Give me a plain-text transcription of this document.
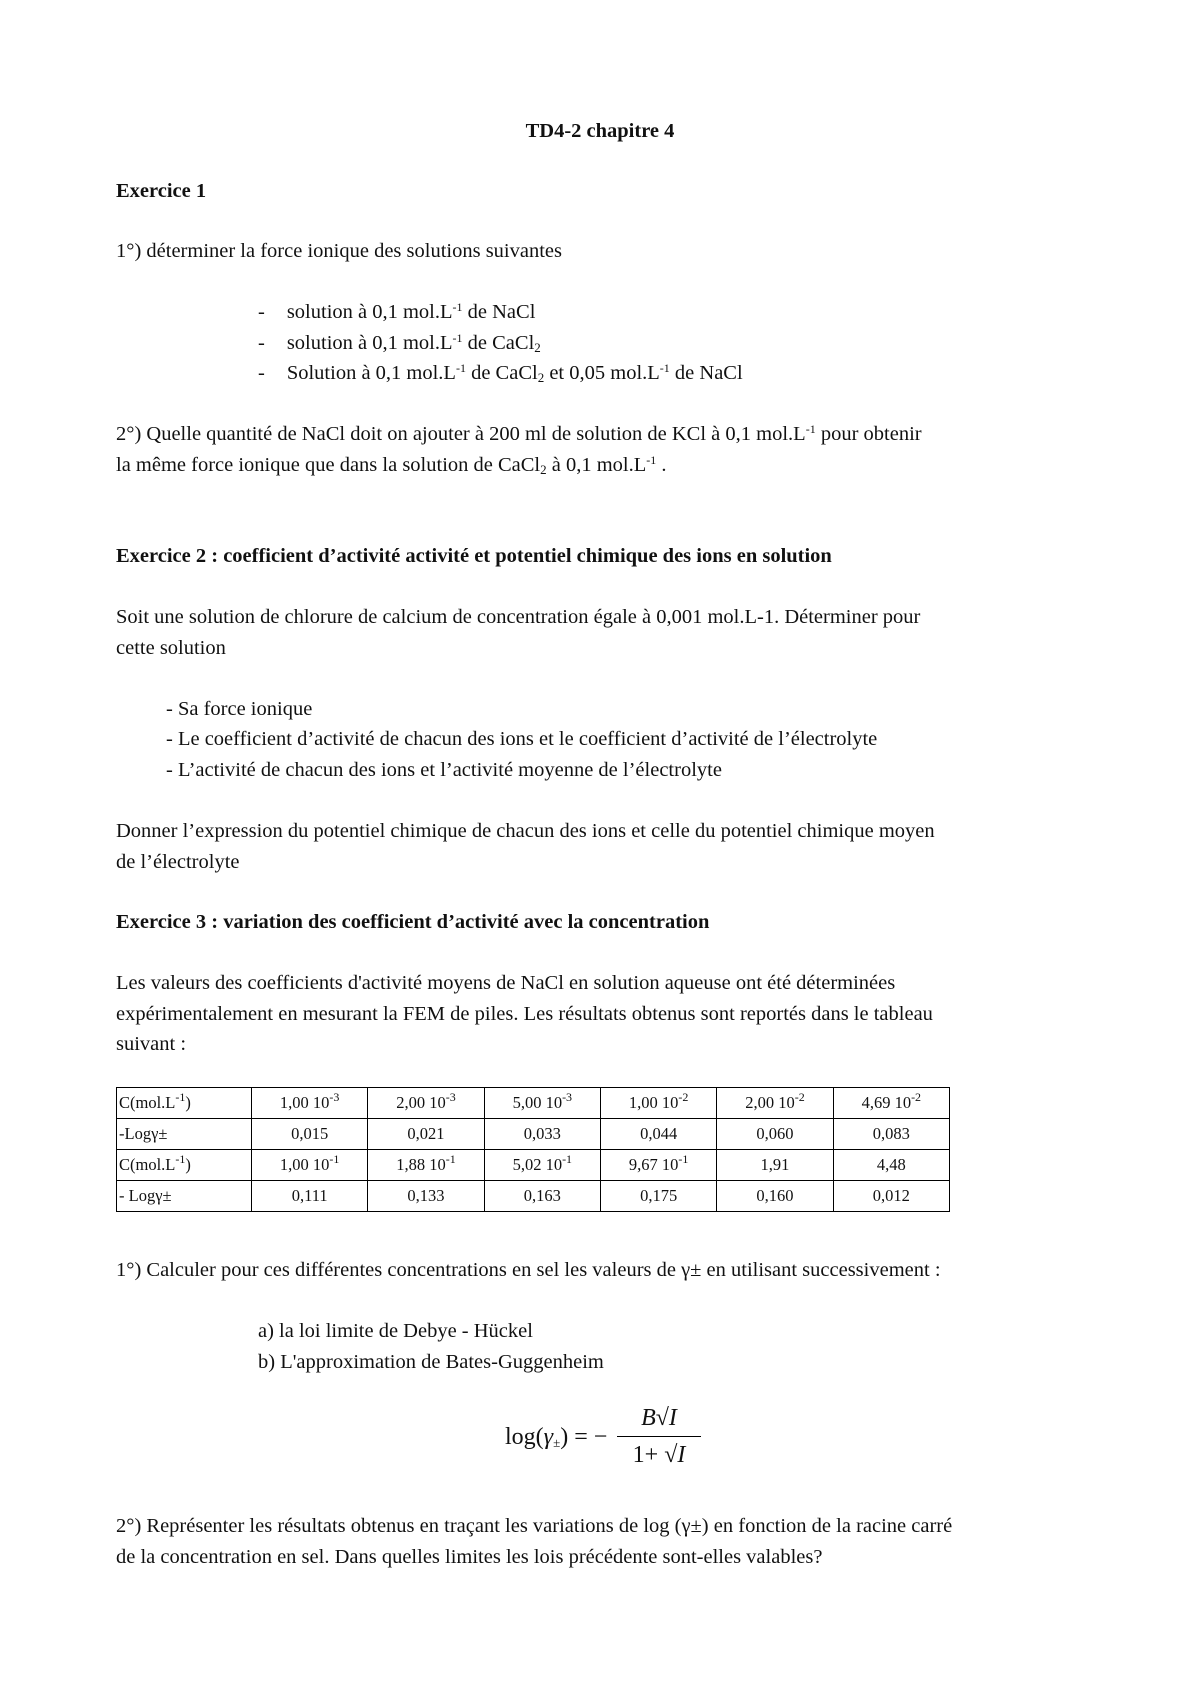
TD4-2 chapitre 4
Exercice 1
1°) déterminer la force ionique des solutions suivantes
- solution à 0,1 $mol.L^{-1}$ de NaCl
- solution à 0,1 $mol.L^{-1}$ de CaCl$_2$
- Solution à 0,1 $mol.L^{-1}$ de CaCl$_2$ et 0,05 $mol.L^{-1}$ de NaCl
2°) Quelle quantité de NaCl doit on ajouter à 200 ml de solution de KCl à 0,1 $mol.L^{-1}$ pour obtenir
la même force ionique que dans la solution de CaCl$_2$ à 0,1 $mol.L^{-1}$ .
Exercice 2 : coefficient d’activité activité et potentiel chimique des ions en solution
Soit une solution de chlorure de calcium de concentration égale à 0,001 mol.L-1. Déterminer pour
cette solution
- Sa force ionique
- Le coefficient d’activité de chacun des ions et le coefficient d’activité de l’électrolyte
- L’activité de chacun des ions et l’activité moyenne de l’électrolyte
Donner l’expression du potentiel chimique de chacun des ions et celle du potentiel chimique moyen
de l’électrolyte
Exercice 3 : variation des coefficient d’activité avec la concentration
Les valeurs des coefficients d'activité moyens de NaCl en solution aqueuse ont été déterminées
expérimentalement en mesurant la FEM de piles. Les résultats obtenus sont reportés dans le tableau
suivant :
$C(mol.L^{-1})$	1,00 $10^{-3}$	2,00 $10^{-3}$	5,00 $10^{-3}$	1,00 $10^{-2}$	2,00 $10^{-2}$	4,69 $10^{-2}$
-Logγ±	0,015	0,021	0,033	0,044	0,060	0,083
$C(mol.L^{-1})$	1,00 $10^{-1}$	1,88 $10^{-1}$	5,02 $10^{-1}$	9,67 $10^{-1}$	1,91	4,48
- Logγ±	0,111	0,133	0,163	0,175	0,160	0,012
1°) Calculer pour ces différentes concentrations en sel les valeurs de γ± en utilisant successivement :
a) la loi limite de Debye - Hückel
b) L'approximation de Bates-Guggenheim
$\log(\gamma_\pm)$ = −
B√I
1+ √I
2°) Représenter les résultats obtenus en traçant les variations de log (γ±) en fonction de la racine carré
de la concentration en sel. Dans quelles limites les lois précédente sont-elles valables?
